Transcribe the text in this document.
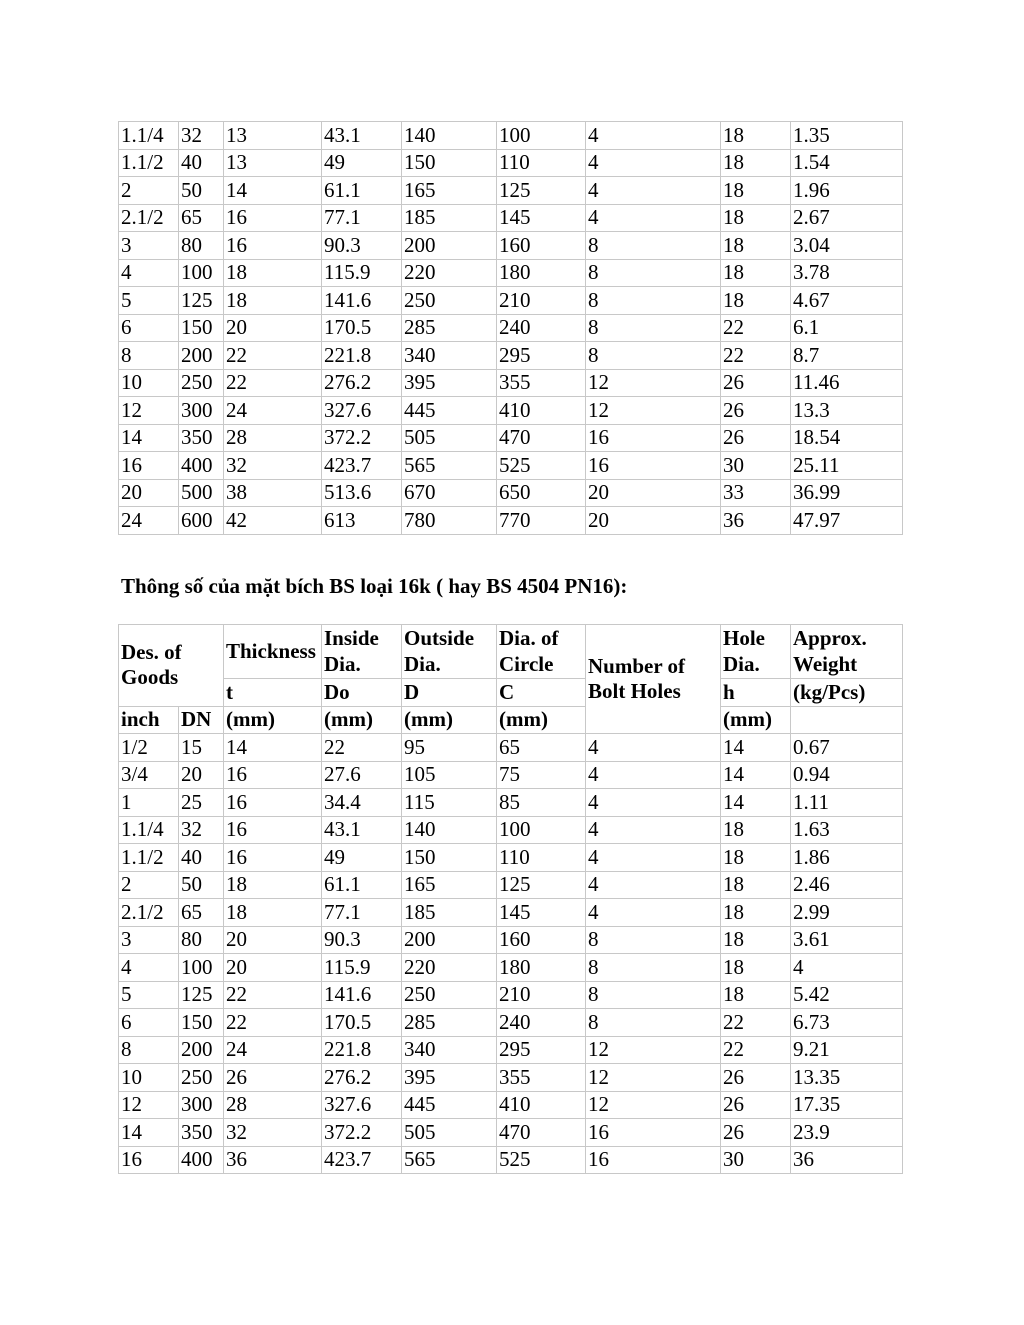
1.1/4	32	13	43.1	140	100	4	18	1.35
1.1/2	40	13	49	150	110	4	18	1.54
2	50	14	61.1	165	125	4	18	1.96
2.1/2	65	16	77.1	185	145	4	18	2.67
3	80	16	90.3	200	160	8	18	3.04
4	100	18	115.9	220	180	8	18	3.78
5	125	18	141.6	250	210	8	18	4.67
6	150	20	170.5	285	240	8	22	6.1
8	200	22	221.8	340	295	8	22	8.7
10	250	22	276.2	395	355	12	26	11.46
12	300	24	327.6	445	410	12	26	13.3
14	350	28	372.2	505	470	16	26	18.54
16	400	32	423.7	565	525	16	30	25.11
20	500	38	513.6	670	650	20	33	36.99
24	600	42	613	780	770	20	36	47.97
Thông số của mặt bích BS loại 16k ( hay BS 4504 PN16):
Des. of Goods		Thickness	Inside Dia.	Outside Dia.	Dia. of Circle	Number of Bolt Holes	Hole Dia.	Approx. Weight
		t	Do	D	C		h	(kg/Pcs)
inch	DN	(mm)	(mm)	(mm)	(mm)		(mm)	
1/2	15	14	22	95	65	4	14	0.67
3/4	20	16	27.6	105	75	4	14	0.94
1	25	16	34.4	115	85	4	14	1.11
1.1/4	32	16	43.1	140	100	4	18	1.63
1.1/2	40	16	49	150	110	4	18	1.86
2	50	18	61.1	165	125	4	18	2.46
2.1/2	65	18	77.1	185	145	4	18	2.99
3	80	20	90.3	200	160	8	18	3.61
4	100	20	115.9	220	180	8	18	4
5	125	22	141.6	250	210	8	18	5.42
6	150	22	170.5	285	240	8	22	6.73
8	200	24	221.8	340	295	12	22	9.21
10	250	26	276.2	395	355	12	26	13.35
12	300	28	327.6	445	410	12	26	17.35
14	350	32	372.2	505	470	16	26	23.9
16	400	36	423.7	565	525	16	30	36
